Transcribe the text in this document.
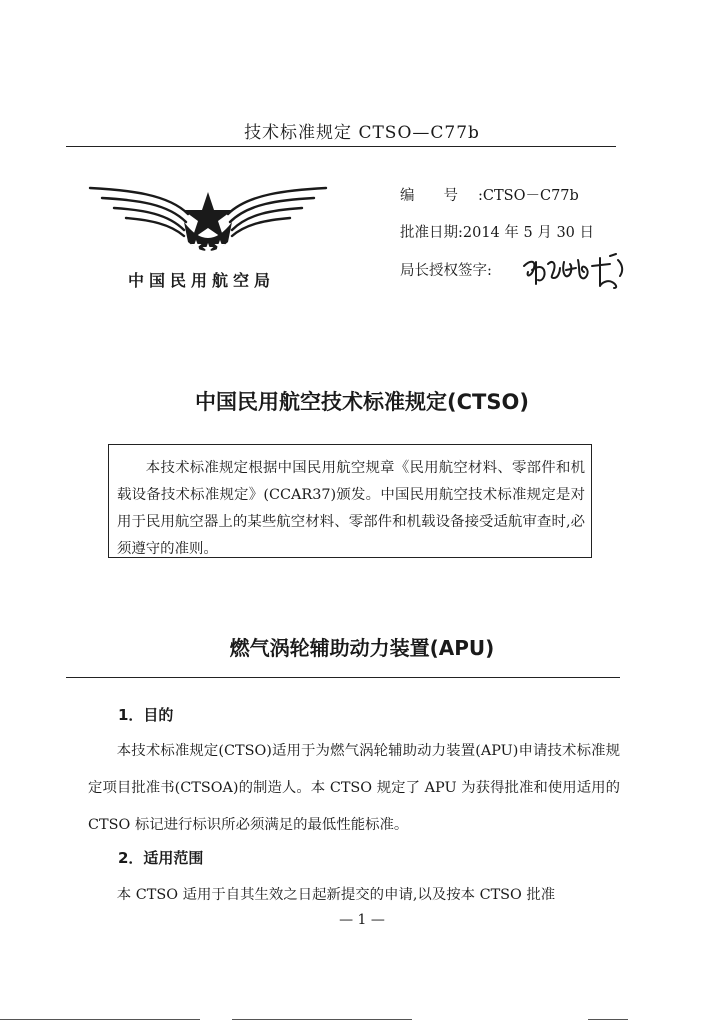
技术标准规定 CTSO—C77b
中国民用航空局
编　　号 :CTSO－C77b
批准日期:2014 年 5 月 30 日
局长授权签字:
中国民用航空技术标准规定(CTSO)

本技术标准规定根据中国民用航空规章《民用航空材料、零部件和机载设备技术标准规定》(CCAR37)颁发。中国民用航空技术标准规定是对用于民用航空器上的某些航空材料、零部件和机载设备接受适航审查时,必须遵守的准则。

燃气涡轮辅助动力装置(APU)
1．目的

本技术标准规定(CTSO)适用于为燃气涡轮辅助动力装置(APU)申请技术标准规定项目批准书(CTSOA)的制造人。本 CTSO 规定了 APU 为获得批准和使用适用的 CTSO 标记进行标识所必须满足的最低性能标准。

2．适用范围

本 CTSO 适用于自其生效之日起新提交的申请,以及按本 CTSO 批准

— 1 —
